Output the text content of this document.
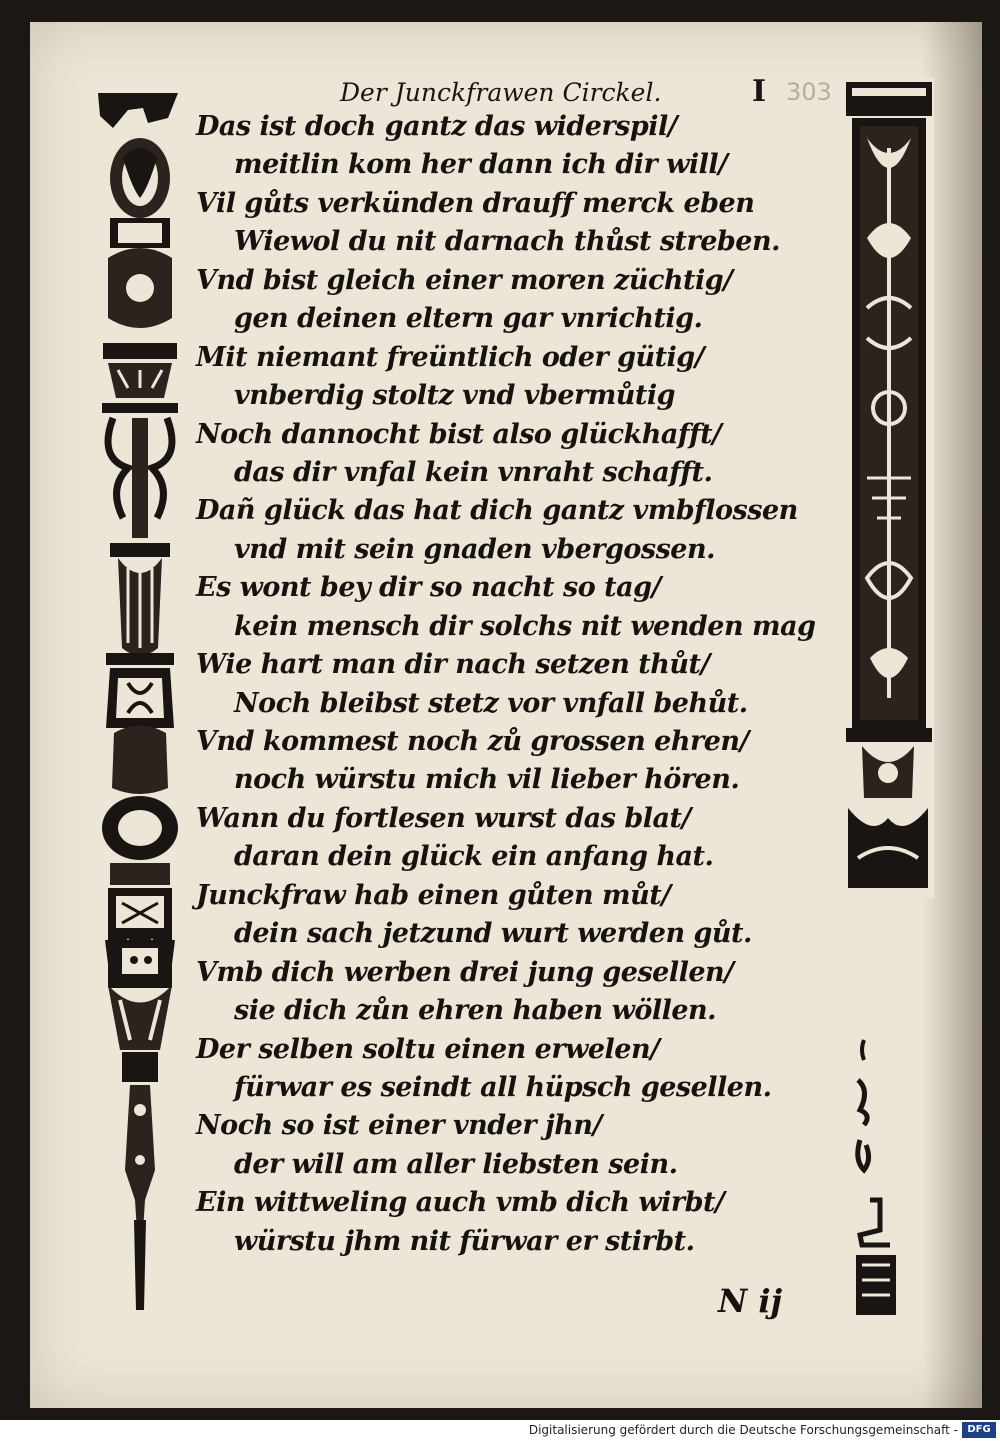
Der Junckfrawen Circkel.	I 303
Das ist doch gantz das widerspil/
meitlin kom her dann ich dir will/
Vil gůts verkünden drauff merck eben
Wiewol du nit darnach thůst streben.
Vnd bist gleich einer moren züchtig/
gen deinen eltern gar vnrichtig.
Mit niemant freüntlich oder gütig/
vnberdig stoltz vnd vbermůtig
Noch dannocht bist also glückhafft/
das dir vnfal kein vnraht schafft.
Dañ glück das hat dich gantz vmbflossen
vnd mit sein gnaden vbergossen.
Es wont bey dir so nacht so tag/
kein mensch dir solchs nit wenden mag
Wie hart man dir nach setzen thůt/
Noch bleibst stetz vor vnfall behůt.
Vnd kommest noch zů grossen ehren/
noch würstu mich vil lieber hören.
Wann du fortlesen wurst das blat/
daran dein glück ein anfang hat.
Junckfraw hab einen gůten můt/
dein sach jetzund wurt werden gůt.
Vmb dich werben drei jung gesellen/
sie dich zůn ehren haben wöllen.
Der selben soltu einen erwelen/
fürwar es seindt all hüpsch gesellen.
Noch so ist einer vnder jhn/
der will am aller liebsten sein.
Ein wittweling auch vmb dich wirbt/
würstu jhm nit fürwar er stirbt.
N ij
Digitalisierung gefördert durch die Deutsche Forschungsgemeinschaft - DFG
